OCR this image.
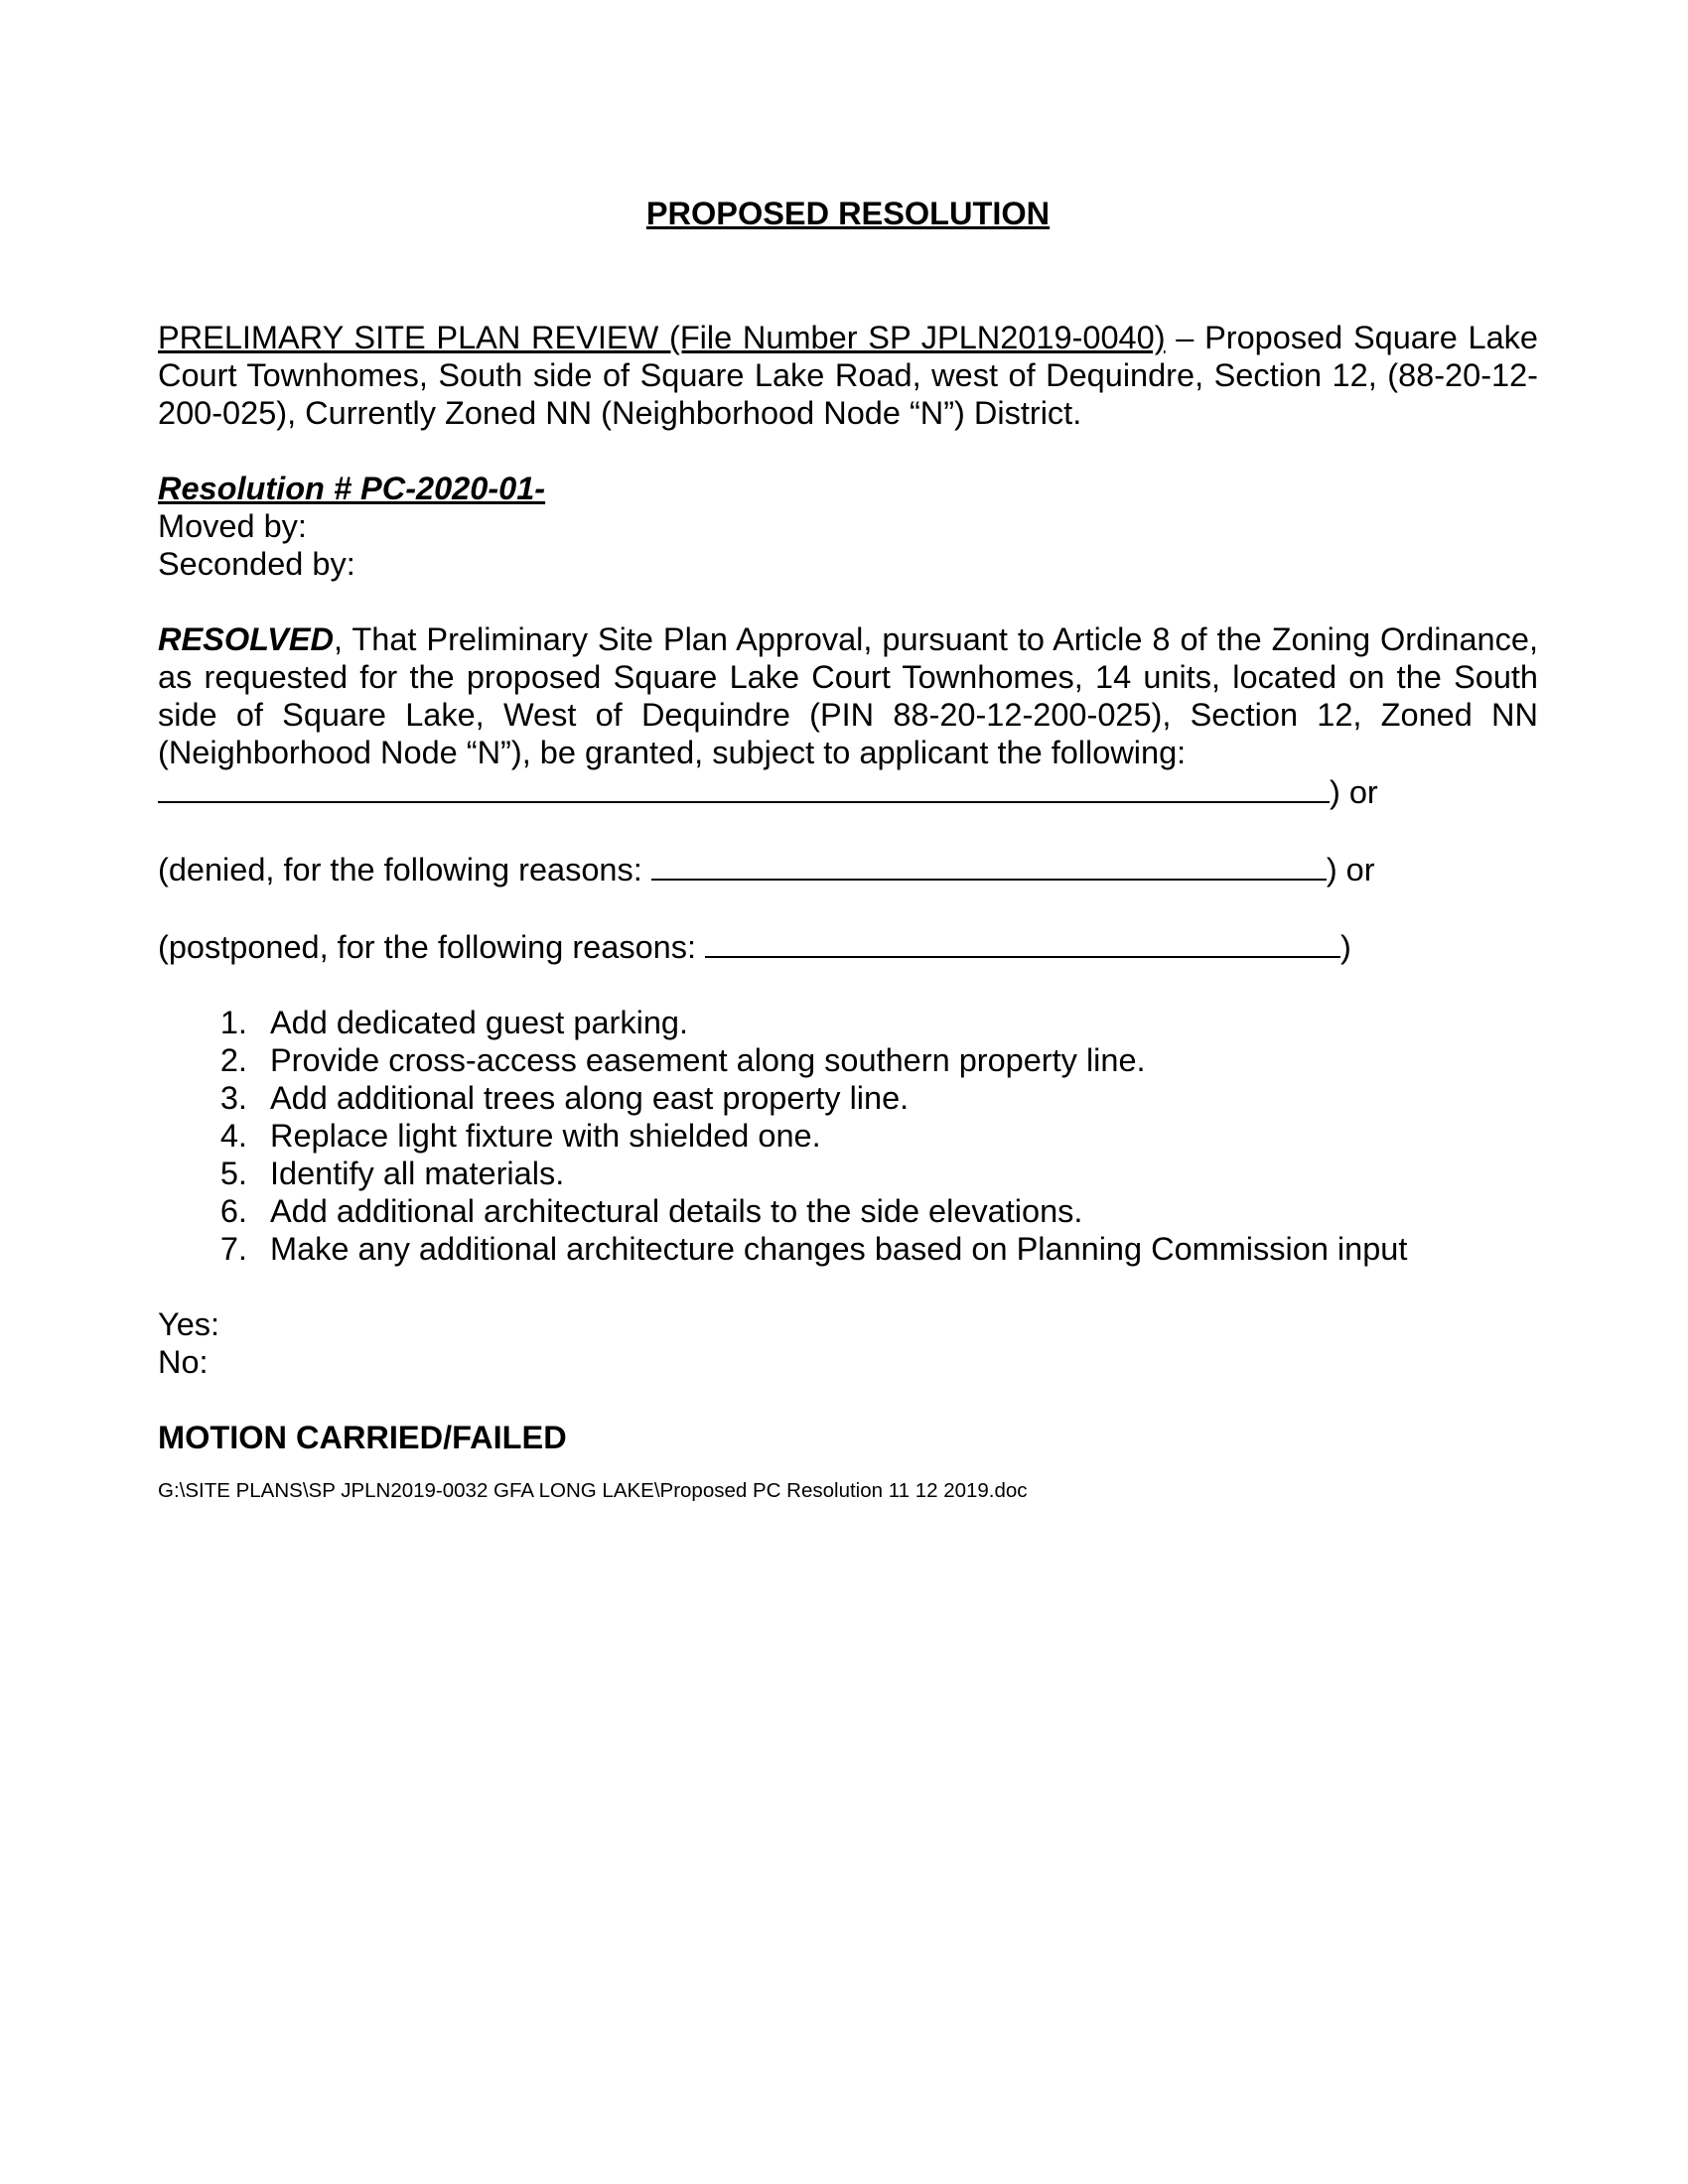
PROPOSED RESOLUTION

PRELIMARY SITE PLAN REVIEW (File Number SP JPLN2019-0040) – Proposed Square Lake Court Townhomes, South side of Square Lake Road, west of Dequindre, Section 12, (88-20-12-200-025), Currently Zoned NN (Neighborhood Node “N”) District.

Resolution # PC-2020-01-
Moved by:
Seconded by:

RESOLVED, That Preliminary Site Plan Approval, pursuant to Article 8 of the Zoning Ordinance, as requested for the proposed Square Lake Court Townhomes, 14 units, located on the South side of Square Lake, West of Dequindre (PIN 88-20-12-200-025), Section 12, Zoned NN (Neighborhood Node “N”), be granted, subject to applicant the following:

) or
(denied, for the following reasons:	) or
(postponed, for the following reasons:	)
1. Add dedicated guest parking.
2. Provide cross-access easement along southern property line.
3. Add additional trees along east property line.
4. Replace light fixture with shielded one.
5. Identify all materials.
6. Add additional architectural details to the side elevations.
7. Make any additional architecture changes based on Planning Commission input
Yes:
No:
MOTION CARRIED/FAILED
G:\SITE PLANS\SP JPLN2019-0032 GFA LONG LAKE\Proposed PC Resolution 11 12 2019.doc
